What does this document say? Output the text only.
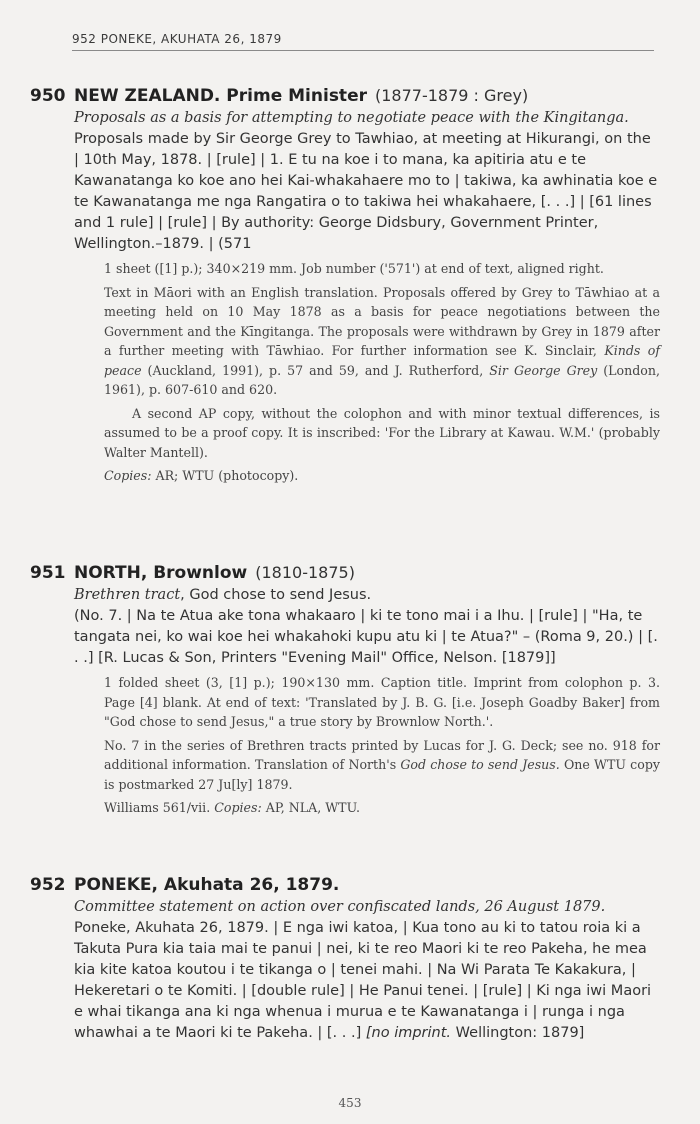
952 PONEKE, AKUHATA 26, 1879
950 NEW ZEALAND. Prime Minister (1877-1879 : Grey)
Proposals as a basis for attempting to negotiate peace with the Kingitanga.
Proposals made by Sir George Grey to Tawhiao, at meeting at Hikurangi, on the | 10th May, 1878. | [rule] | 1. E tu na koe i to mana, ka apitiria atu e te Kawanatanga ko koe ano hei Kai-whakahaere mo to | takiwa, ka awhinatia koe e te Kawanatanga me nga Rangatira o to takiwa hei whakahaere, [. . .] | [61 lines and 1 rule] | [rule] | By authority: George Didsbury, Government Printer, Wellington.–1879. | (571

1 sheet ([1] p.); 340×219 mm. Job number ('571') at end of text, aligned right.

Text in Māori with an English translation. Proposals offered by Grey to Tāwhiao at a meeting held on 10 May 1878 as a basis for peace negotiations between the Government and the Kīngitanga. The proposals were withdrawn by Grey in 1879 after a further meeting with Tāwhiao. For further information see K. Sinclair, Kinds of peace (Auckland, 1991), p. 57 and 59, and J. Rutherford, Sir George Grey (London, 1961), p. 607-610 and 620.

A second AP copy, without the colophon and with minor textual differences, is assumed to be a proof copy. It is inscribed: 'For the Library at Kawau. W.M.' (probably Walter Mantell).

Copies: AR; WTU (photocopy).

951 NORTH, Brownlow (1810-1875)
Brethren tract, God chose to send Jesus.
(No. 7. | Na te Atua ake tona whakaaro | ki te tono mai i a Ihu. | [rule] | "Ha, te tangata nei, ko wai koe hei whakahoki kupu atu ki | te Atua?" – (Roma 9, 20.) | [. . .] [R. Lucas & Son, Printers "Evening Mail" Office, Nelson. [1879]]

1 folded sheet (3, [1] p.); 190×130 mm. Caption title. Imprint from colophon p. 3. Page [4] blank. At end of text: 'Translated by J. B. G. [i.e. Joseph Goadby Baker] from "God chose to send Jesus," a true story by Brownlow North.'.

No. 7 in the series of Brethren tracts printed by Lucas for J. G. Deck; see no. 918 for additional information. Translation of North's God chose to send Jesus. One WTU copy is postmarked 27 Ju[ly] 1879.

Williams 561/vii. Copies: AP, NLA, WTU.

952 PONEKE, Akuhata 26, 1879.
Committee statement on action over confiscated lands, 26 August 1879.
Poneke, Akuhata 26, 1879. | E nga iwi katoa, | Kua tono au ki to tatou roia ki a Takuta Pura kia taia mai te panui | nei, ki te reo Maori ki te reo Pakeha, he mea kia kite katoa koutou i te tikanga o | tenei mahi. | Na Wi Parata Te Kakakura, | Hekeretari o te Komiti. | [double rule] | He Panui tenei. | [rule] | Ki nga iwi Maori e whai tikanga ana ki nga whenua i murua e te Kawanatanga i | runga i nga whawhai a te Maori ki te Pakeha. | [. . .] [no imprint. Wellington: 1879]
453
